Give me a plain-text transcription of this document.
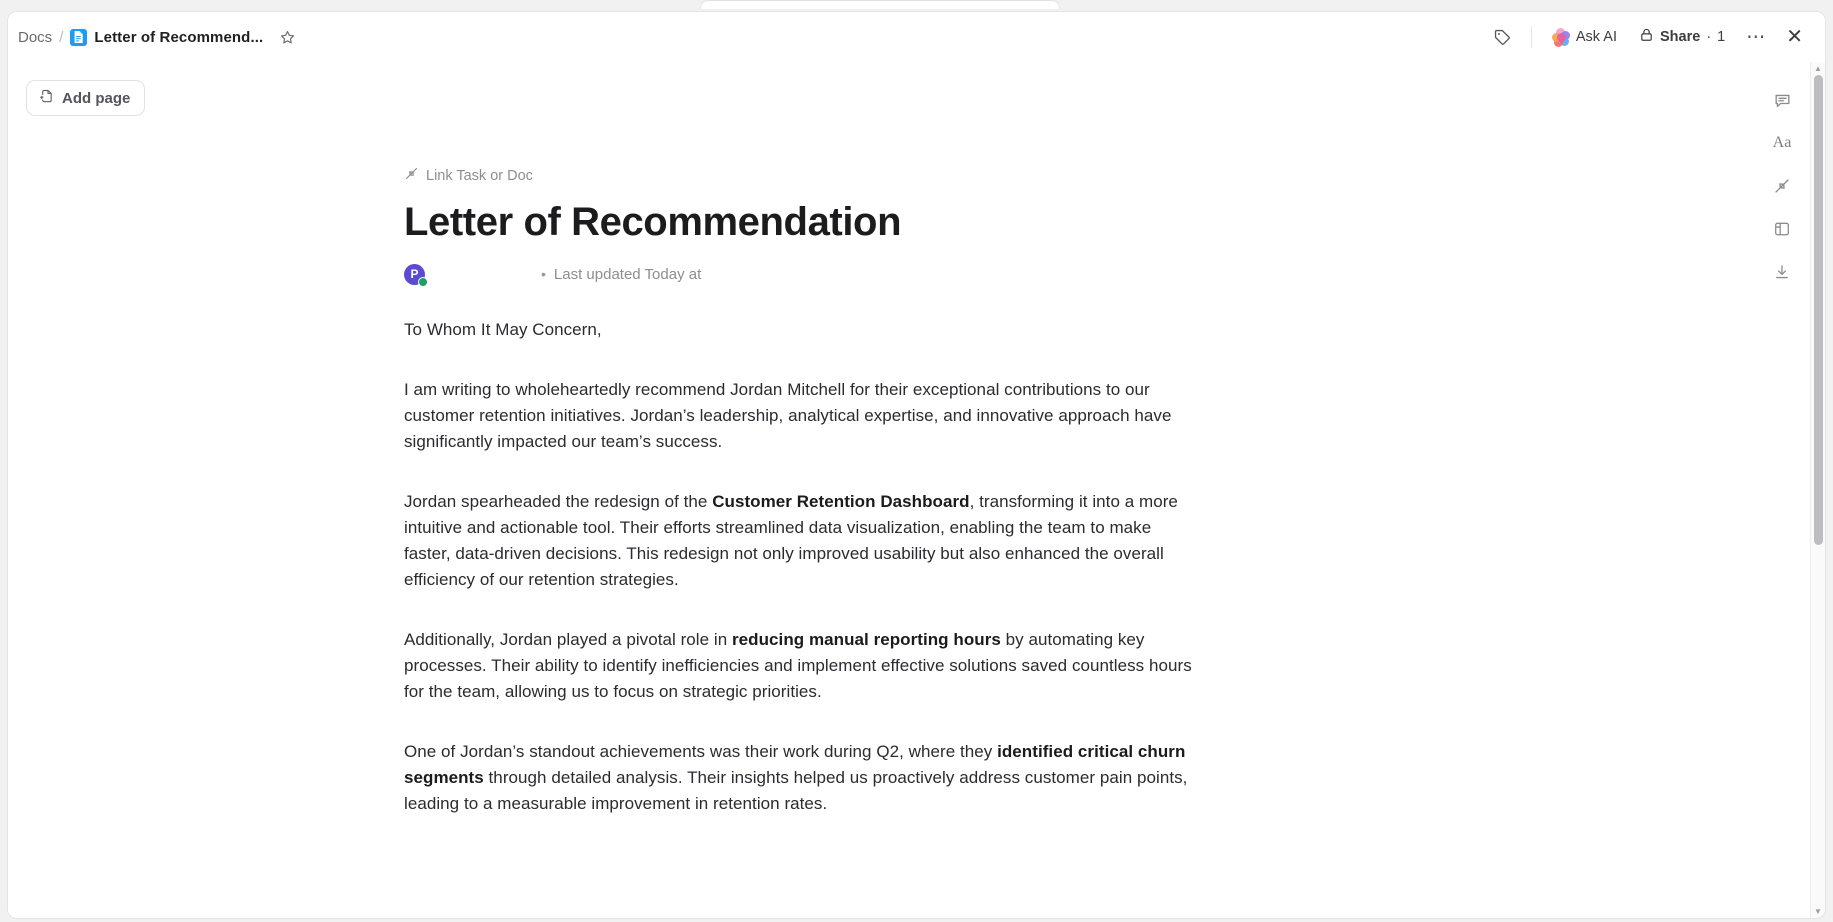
Docs / Letter of Recommend...	Ask AI	Share · 1 ⋯ ✕
Add page
Link Task or Doc
Letter of Recommendation
P	• Last updated Today at
To Whom It May Concern,
I am writing to wholeheartedly recommend Jordan Mitchell for their exceptional contributions to our customer retention initiatives. Jordan’s leadership, analytical expertise, and innovative approach have significantly impacted our team’s success.
Jordan spearheaded the redesign of the Customer Retention Dashboard, transforming it into a more intuitive and actionable tool. Their efforts streamlined data visualization, enabling the team to make faster, data-driven decisions. This redesign not only improved usability but also enhanced the overall efficiency of our retention strategies.
Additionally, Jordan played a pivotal role in reducing manual reporting hours by automating key processes. Their ability to identify inefficiencies and implement effective solutions saved countless hours for the team, allowing us to focus on strategic priorities.
One of Jordan’s standout achievements was their work during Q2, where they identified critical churn segments through detailed analysis. Their insights helped us proactively address customer pain points, leading to a measurable improvement in retention rates.
Aa
▲
▼
